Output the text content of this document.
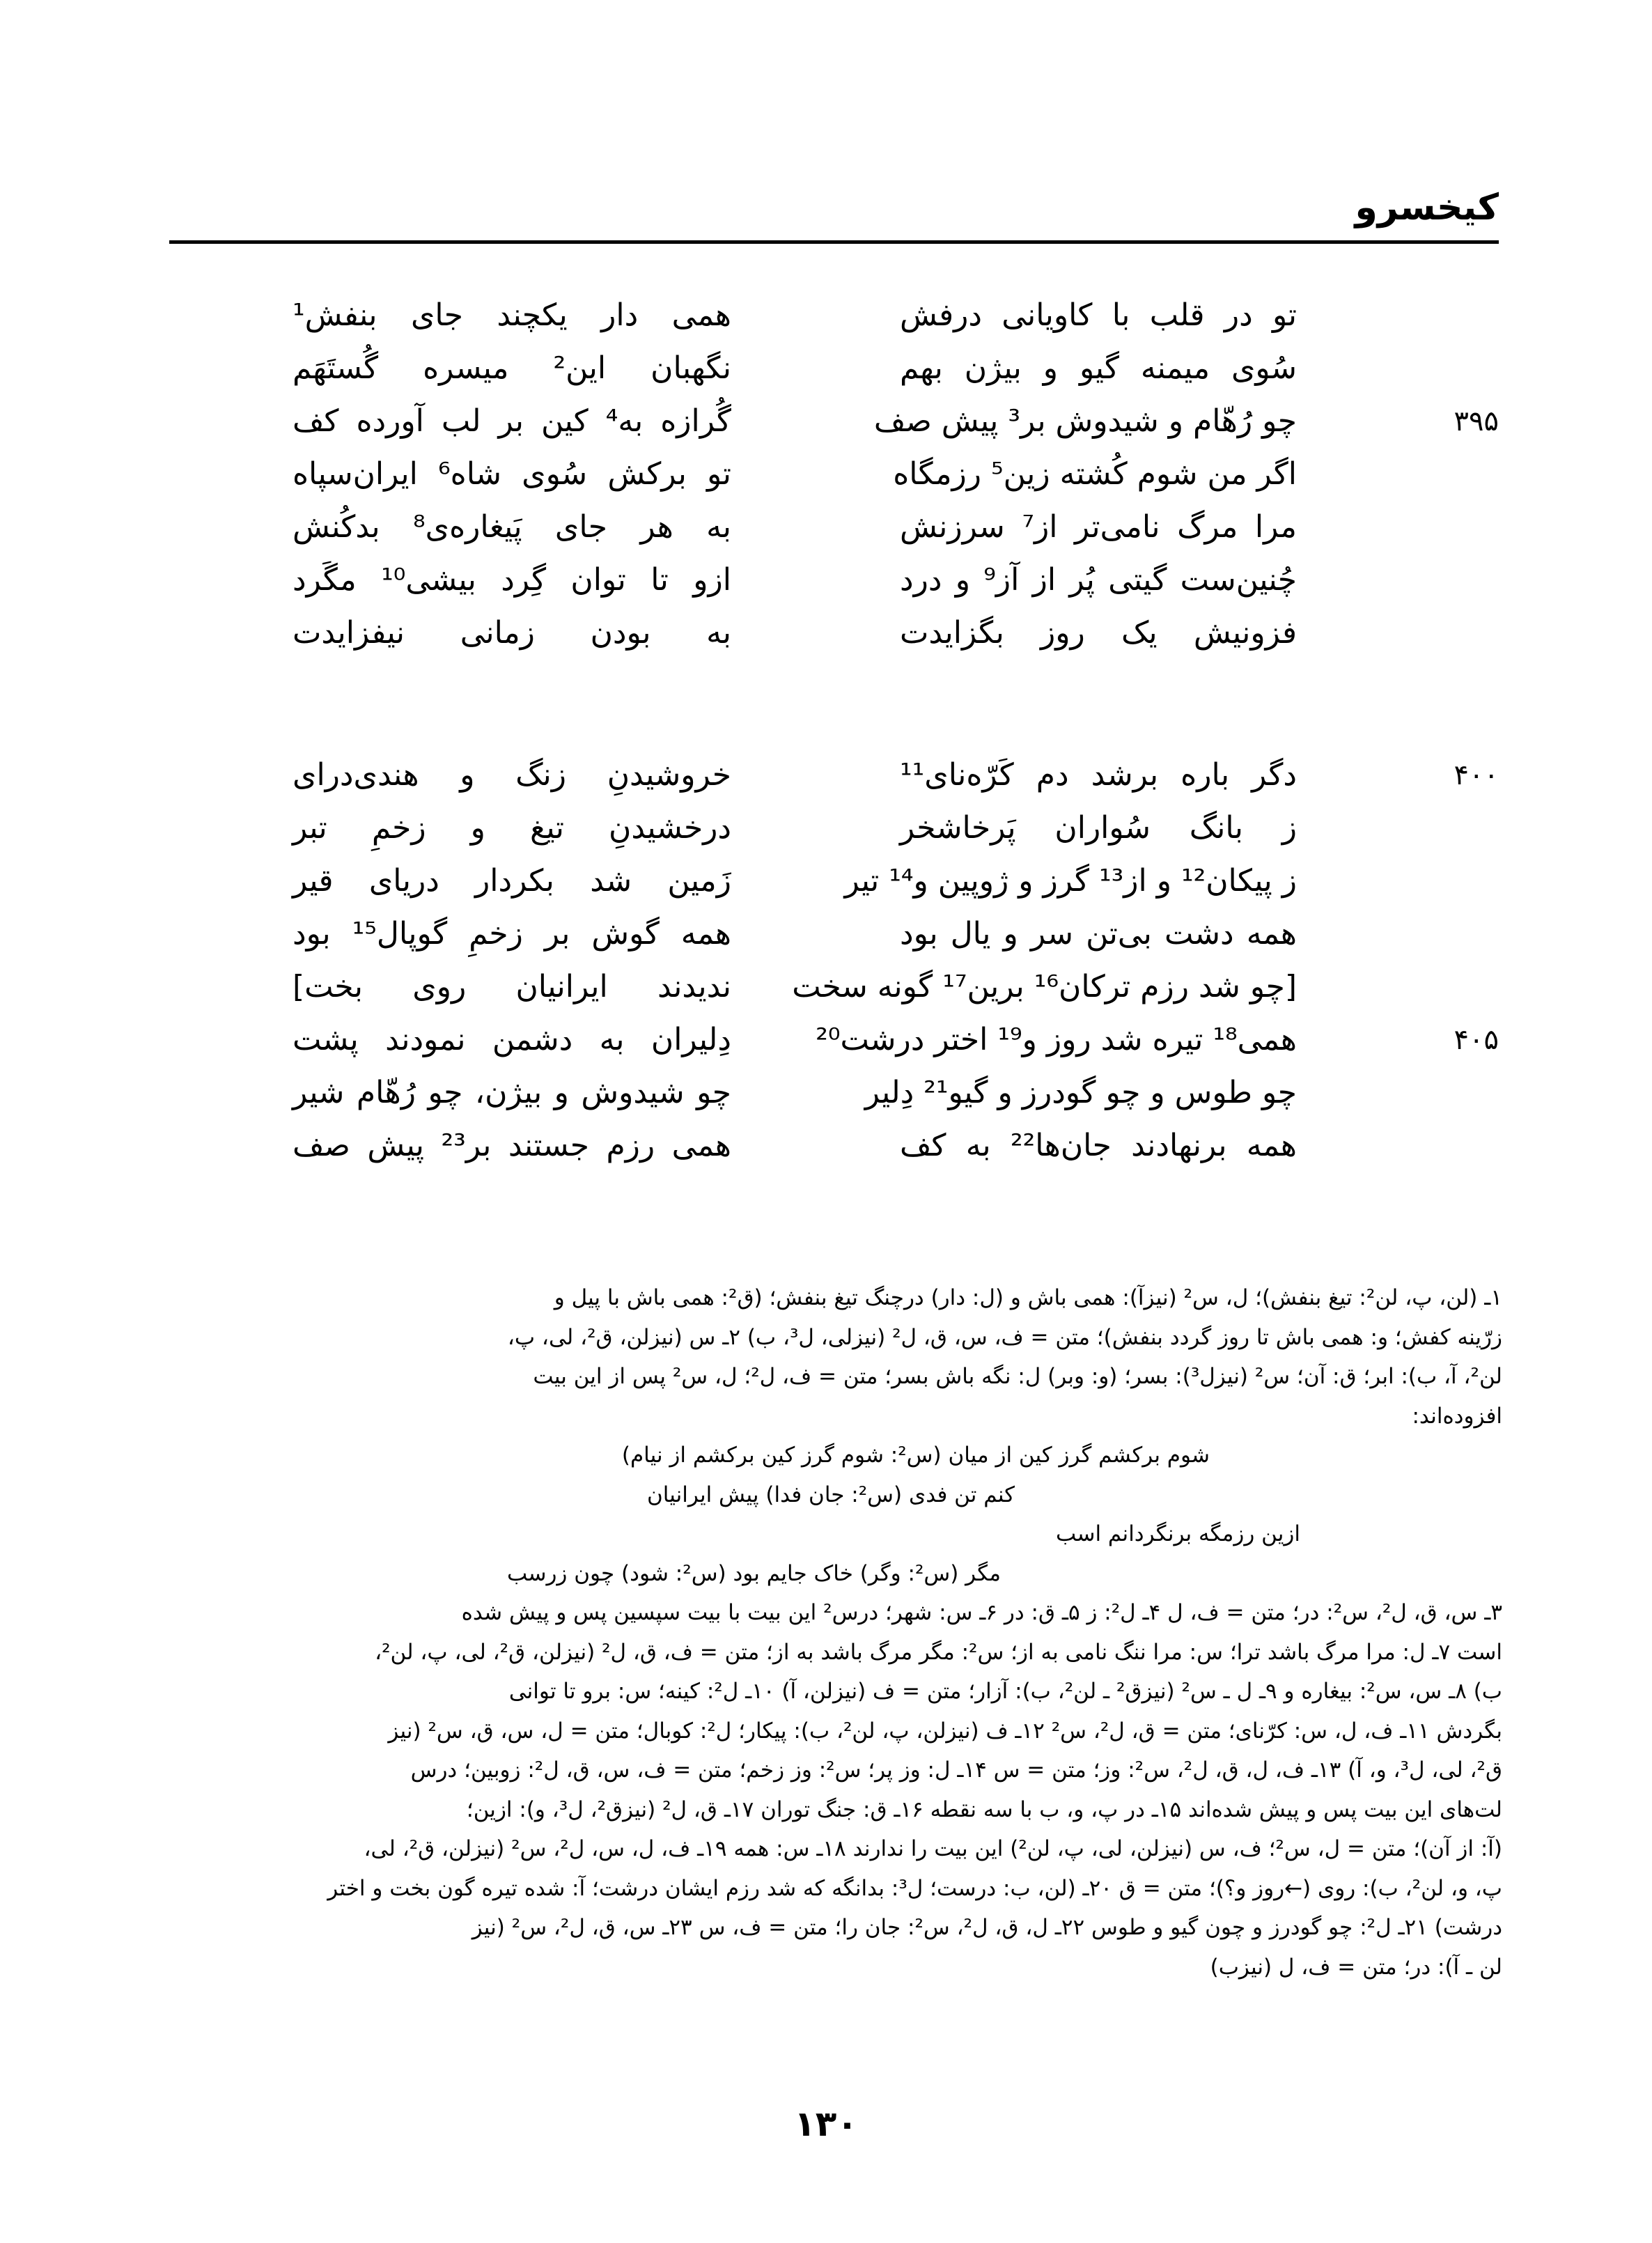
کیخسرو
تو در قلب با کاویانی درفش
همی دار یکچند جای بنفش¹
سُوی میمنه گیو و بیژن بهم
نگهبان این² میسره گُستَهَم
۳۹۵
چو رُهّام و شیدوش بر³ پیش صف
گُرازه به⁴ کین بر لب آورده کف
اگر من شوم کُشته زین⁵ رزمگاه
تو برکش سُوی شاه⁶ ایران‌سپاه
مرا مرگ نامی‌تر از⁷ سرزنش
به هر جای پَیغاره‌ی⁸ بدکُنش
چُنین‌ست گیتی پُر از آز⁹ و درد
ازو تا توان گِرد بیشی¹⁰ مگَرد
فزونیش یک روز بگزایدت
به بودن زمانی نیفزایدت
۴۰۰
دگر باره برشد دم کَرّه‌نای¹¹
خروشیدنِ زنگ و هندی‌درای
ز بانگ سُواران پَرخاشخر
درخشیدنِ تیغ و زخمِ تبر
ز پیکان¹² و از¹³ گرز و ژوپین و¹⁴ تیر
زَمین شد بکردار دریای قیر
همه دشت بی‌تن سر و یال بود
همه گوش بر زخمِ گوپال¹⁵ بود
[چو شد رزم ترکان¹⁶ برین¹⁷ گونه سخت
ندیدند ایرانیان روی بخت]
۴۰۵
همی¹⁸ تیره شد روز و¹⁹ اختر درشت²⁰
دِلیران به دشمن نمودند پشت
چو طوس و چو گودرز و گیو²¹ دِلیر
چو شیدوش و بیژن، چو رُهّام شیر
همه برنهادند جان‌ها²² به کف
همی رزم جستند بر²³ پیش صف
۱ـ (لن، پ، لن²: تیغ بنفش)؛ ل، س² (نیزآ): همی باش و (ل: دار) درچنگ تیغ بنفش؛ (ق²: همی باش با پیل و
زرّینه کفش؛ و: همی باش تا روز گردد بنفش)؛ متن = ف، س، ق، ل² (نیزلی، ل³، ب) ۲ـ س (نیزلن، ق²، لی، پ،
لن²، آ، ب): ابر؛ ق: آن؛ س² (نیزل³): بسر؛ (و: وبر) ل: نگه باش بسر؛ متن = ف، ل²؛ ل، س² پس از این بیت
افزوده‌اند:
شوم برکشم گرز کین از میان (س²: شوم گرز کین برکشم از نیام)
کنم تن فدی (س²: جان فدا) پیش ایرانیان
ازین رزمگه برنگردانم اسب
مگر (س²: وگر) خاک جایم بود (س²: شود) چون زرسب
۳ـ س، ق، ل²، س²: در؛ متن = ف، ل ۴ـ ل²: ز ۵ـ ق: در ۶ـ س: شهر؛ درس² این بیت با بیت سپسین پس و پیش شده
است ۷ـ ل: مرا مرگ باشد ترا؛ س: مرا ننگ نامی به از؛ س²: مگر مرگ باشد به از؛ متن = ف، ق، ل² (نیزلن، ق²، لی، پ، لن²،
ب) ۸ـ س، س²: بیغاره و ۹ـ ل ـ س² (نیزق² ـ لن²، ب): آزار؛ متن = ف (نیزلن، آ) ۱۰ـ ل²: کینه؛ س: برو تا توانی
بگردش ۱۱ـ ف، ل، س: کرّنای؛ متن = ق، ل²، س² ۱۲ـ ف (نیزلن، پ، لن²، ب): پیکار؛ ل²: کوبال؛ متن = ل، س، ق، س² (نیز
ق²، لی، ل³، و، آ) ۱۳ـ ف، ل، ق، ل²، س²: وز؛ متن = س ۱۴ـ ل: وز پر؛ س²: وز زخم؛ متن = ف، س، ق، ل²: زوبین؛ درس
لت‌های این بیت پس و پیش شده‌اند ۱۵ـ در پ، و، ب با سه نقطه ۱۶ـ ق: جنگ توران ۱۷ـ ق، ل² (نیزق²، ل³، و): ازین؛
(آ: از آن)؛ متن = ل، س²؛ ف، س (نیزلن، لی، پ، لن²) این بیت را ندارند ۱۸ـ س: همه ۱۹ـ ف، ل، س، ل²، س² (نیزلن، ق²، لی،
پ، و، لن²، ب): روی (←روز و؟)؛ متن = ق ۲۰ـ (لن، ب: درست؛ ل³: بدانگه که شد رزم ایشان درشت؛ آ: شده تیره گون بخت و اختر
درشت) ۲۱ـ ل²: چو گودرز و چون گیو و طوس ۲۲ـ ل، ق، ل²، س²: جان را؛ متن = ف، س ۲۳ـ س، ق، ل²، س² (نیز
لن ـ آ): در؛ متن = ف، ل (نیزب)
۱۳۰
